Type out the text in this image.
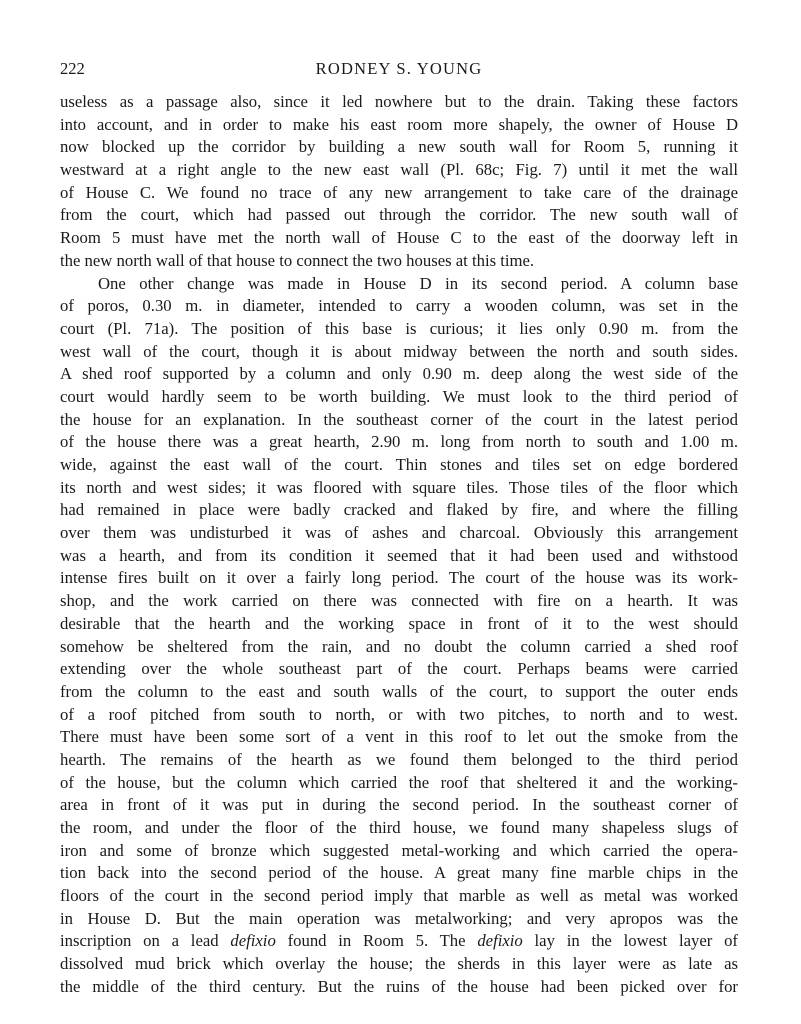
222	RODNEY S. YOUNG
useless as a passage also, since it led nowhere but to the drain. Taking these factors
into account, and in order to make his east room more shapely, the owner of House D
now blocked up the corridor by building a new south wall for Room 5, running it
westward at a right angle to the new east wall (Pl. 68c; Fig. 7) until it met the wall
of House C. We found no trace of any new arrangement to take care of the drainage
from the court, which had passed out through the corridor. The new south wall of
Room 5 must have met the north wall of House C to the east of the doorway left in
the new north wall of that house to connect the two houses at this time.
One other change was made in House D in its second period. A column base
of poros, 0.30 m. in diameter, intended to carry a wooden column, was set in the
court (Pl. 71a). The position of this base is curious; it lies only 0.90 m. from the
west wall of the court, though it is about midway between the north and south sides.
A shed roof supported by a column and only 0.90 m. deep along the west side of the
court would hardly seem to be worth building. We must look to the third period of
the house for an explanation. In the southeast corner of the court in the latest period
of the house there was a great hearth, 2.90 m. long from north to south and 1.00 m.
wide, against the east wall of the court. Thin stones and tiles set on edge bordered
its north and west sides; it was floored with square tiles. Those tiles of the floor which
had remained in place were badly cracked and flaked by fire, and where the filling
over them was undisturbed it was of ashes and charcoal. Obviously this arrangement
was a hearth, and from its condition it seemed that it had been used and withstood
intense fires built on it over a fairly long period. The court of the house was its work-
shop, and the work carried on there was connected with fire on a hearth. It was
desirable that the hearth and the working space in front of it to the west should
somehow be sheltered from the rain, and no doubt the column carried a shed roof
extending over the whole southeast part of the court. Perhaps beams were carried
from the column to the east and south walls of the court, to support the outer ends
of a roof pitched from south to north, or with two pitches, to north and to west.
There must have been some sort of a vent in this roof to let out the smoke from the
hearth. The remains of the hearth as we found them belonged to the third period
of the house, but the column which carried the roof that sheltered it and the working-
area in front of it was put in during the second period. In the southeast corner of
the room, and under the floor of the third house, we found many shapeless slugs of
iron and some of bronze which suggested metal-working and which carried the opera-
tion back into the second period of the house. A great many fine marble chips in the
floors of the court in the second period imply that marble as well as metal was worked
in House D. But the main operation was metalworking; and very apropos was the
inscription on a lead defixio found in Room 5. The defixio lay in the lowest layer of
dissolved mud brick which overlay the house; the sherds in this layer were as late as
the middle of the third century. But the ruins of the house had been picked over for
